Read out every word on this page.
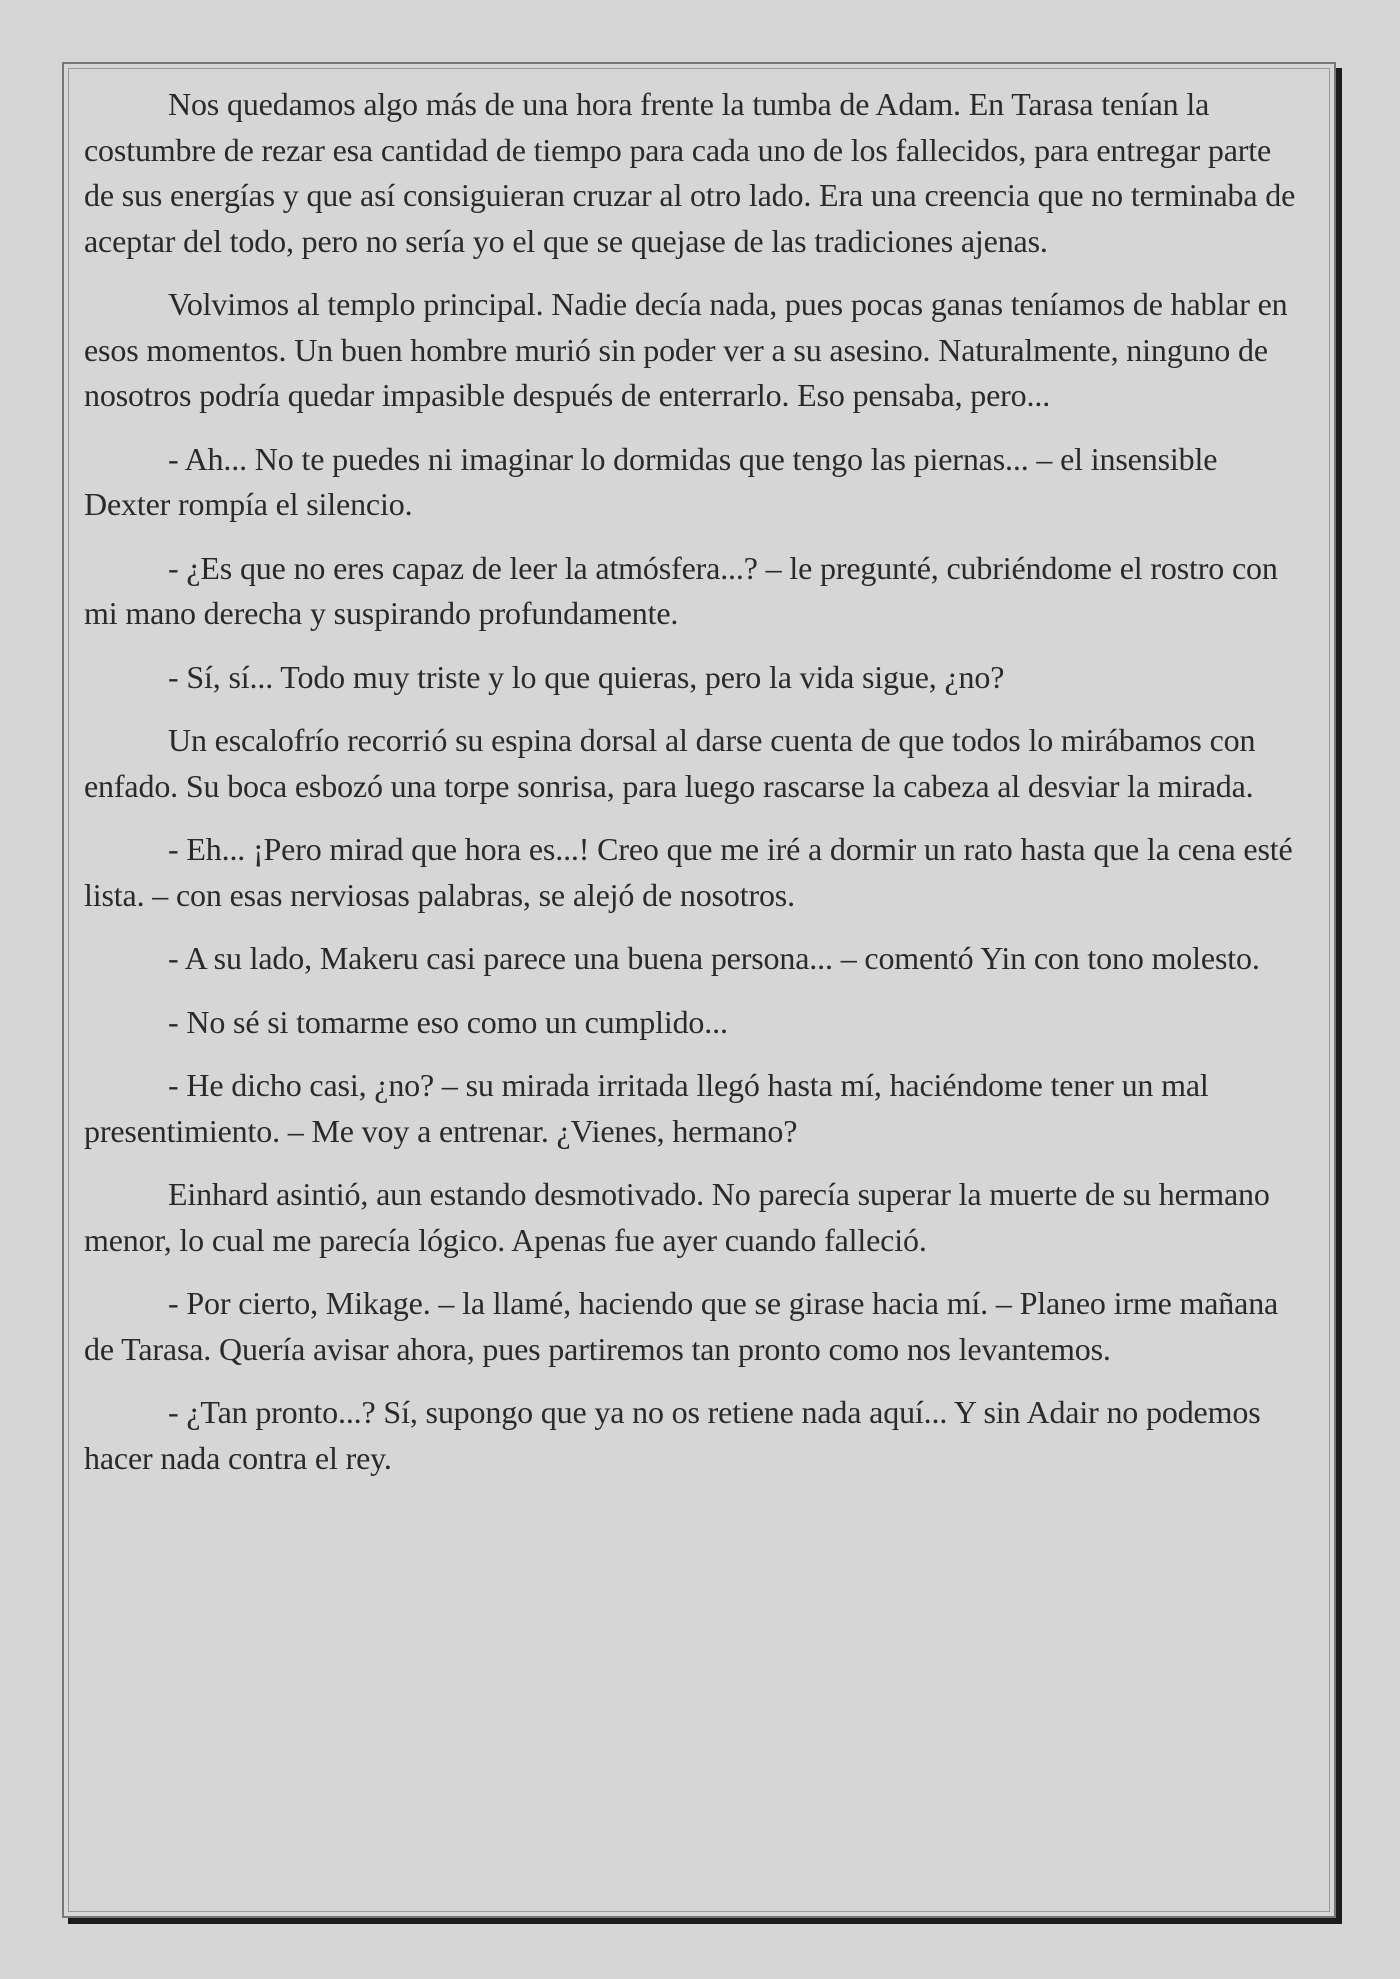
Nos quedamos algo más de una hora frente la tumba de Adam. En Tarasa tenían la costumbre de rezar esa cantidad de tiempo para cada uno de los fallecidos, para entregar parte de sus energías y que así consiguieran cruzar al otro lado. Era una creencia que no terminaba de aceptar del todo, pero no sería yo el que se quejase de las tradiciones ajenas.

Volvimos al templo principal. Nadie decía nada, pues pocas ganas teníamos de hablar en esos momentos. Un buen hombre murió sin poder ver a su asesino. Naturalmente, ninguno de nosotros podría quedar impasible después de enterrarlo. Eso pensaba, pero...

- Ah... No te puedes ni imaginar lo dormidas que tengo las piernas... – el insensible Dexter rompía el silencio.

- ¿Es que no eres capaz de leer la atmósfera...? – le pregunté, cubriéndome el rostro con mi mano derecha y suspirando profundamente.

- Sí, sí... Todo muy triste y lo que quieras, pero la vida sigue, ¿no?

Un escalofrío recorrió su espina dorsal al darse cuenta de que todos lo mirábamos con enfado. Su boca esbozó una torpe sonrisa, para luego rascarse la cabeza al desviar la mirada.

- Eh... ¡Pero mirad que hora es...! Creo que me iré a dormir un rato hasta que la cena esté lista. – con esas nerviosas palabras, se alejó de nosotros.

- A su lado, Makeru casi parece una buena persona... – comentó Yin con tono molesto.

- No sé si tomarme eso como un cumplido...

- He dicho casi, ¿no? – su mirada irritada llegó hasta mí, haciéndome tener un mal presentimiento. – Me voy a entrenar. ¿Vienes, hermano?

Einhard asintió, aun estando desmotivado. No parecía superar la muerte de su hermano menor, lo cual me parecía lógico. Apenas fue ayer cuando falleció.

- Por cierto, Mikage. – la llamé, haciendo que se girase hacia mí. – Planeo irme mañana de Tarasa. Quería avisar ahora, pues partiremos tan pronto como nos levantemos.

- ¿Tan pronto...? Sí, supongo que ya no os retiene nada aquí... Y sin Adair no podemos hacer nada contra el rey.
